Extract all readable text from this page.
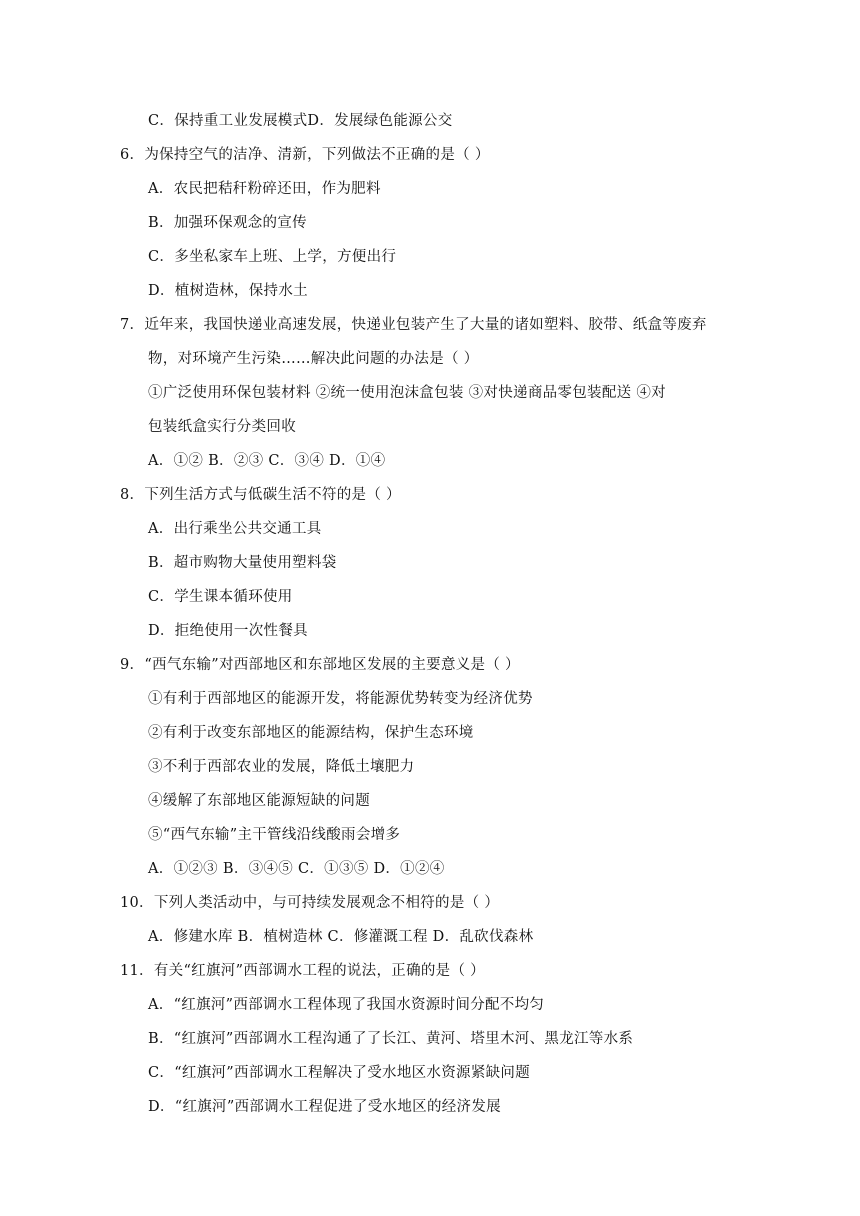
C．保持重工业发展模式D．发展绿色能源公交
6．为保持空气的洁净、清新，下列做法不正确的是（ ）
A．农民把秸秆粉碎还田，作为肥料
B．加强环保观念的宣传
C．多坐私家车上班、上学，方便出行
D．植树造林，保持水土
7．近年来，我国快递业高速发展，快递业包装产生了大量的诸如塑料、胶带、纸盒等废弃
物，对环境产生污染……解决此问题的办法是（ ）
①广泛使用环保包装材料 ②统一使用泡沫盒包装 ③对快递商品零包装配送 ④对
包装纸盒实行分类回收
A．①② B．②③ C．③④ D．①④
8．下列生活方式与低碳生活不符的是（ ）
A．出行乘坐公共交通工具
B．超市购物大量使用塑料袋
C．学生课本循环使用
D．拒绝使用一次性餐具
9．“西气东输”对西部地区和东部地区发展的主要意义是（ ）
①有利于西部地区的能源开发，将能源优势转变为经济优势
②有利于改变东部地区的能源结构，保护生态环境
③不利于西部农业的发展，降低土壤肥力
④缓解了东部地区能源短缺的问题
⑤“西气东输”主干管线沿线酸雨会增多
A．①②③ B．③④⑤ C．①③⑤ D．①②④
10．下列人类活动中，与可持续发展观念不相符的是（ ）
A．修建水库 B．植树造林 C．修灌溉工程 D．乱砍伐森林
11．有关“红旗河”西部调水工程的说法，正确的是（ ）
A．“红旗河”西部调水工程体现了我国水资源时间分配不均匀
B．“红旗河”西部调水工程沟通了了长江、黄河、塔里木河、黑龙江等水系
C．“红旗河”西部调水工程解决了受水地区水资源紧缺问题
D．“红旗河”西部调水工程促进了受水地区的经济发展
